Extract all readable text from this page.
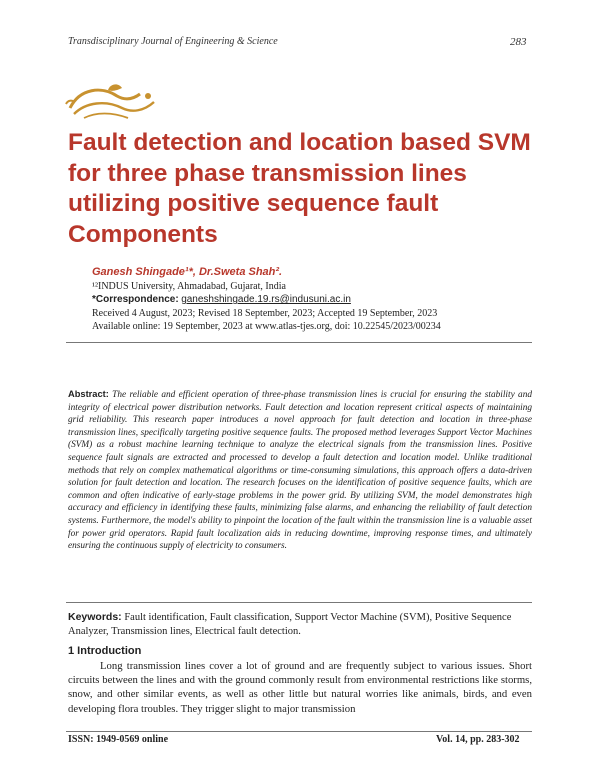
Transdisciplinary Journal of Engineering & Science	283
Fault detection and location based SVM for three phase transmission lines utilizing positive sequence fault Components
Ganesh Shingade¹*, Dr.Sweta Shah².
¹²INDUS University, Ahmadabad, Gujarat, India
*Correspondence: ganeshshingade.19.rs@indusuni.ac.in
Received 4 August, 2023; Revised 18 September, 2023; Accepted 19 September, 2023
Available online: 19 September, 2023 at www.atlas-tjes.org, doi: 10.22545/2023/00234
Abstract: The reliable and efficient operation of three-phase transmission lines is crucial for ensuring the stability and integrity of electrical power distribution networks. Fault detection and location represent critical aspects of maintaining grid reliability. This research paper introduces a novel approach for fault detection and location in three-phase transmission lines, specifically targeting positive sequence faults. The proposed method leverages Support Vector Machines (SVM) as a robust machine learning technique to analyze the electrical signals from the transmission lines. Positive sequence fault signals are extracted and processed to develop a fault detection and location model. Unlike traditional methods that rely on complex mathematical algorithms or time-consuming simulations, this approach offers a data-driven solution for fault detection and location. The research focuses on the identification of positive sequence faults, which are common and often indicative of early-stage problems in the power grid. By utilizing SVM, the model demonstrates high accuracy and efficiency in identifying these faults, minimizing false alarms, and enhancing the reliability of fault detection systems. Furthermore, the model's ability to pinpoint the location of the fault within the transmission line is a valuable asset for power grid operators. Rapid fault localization aids in reducing downtime, improving response times, and ultimately ensuring the continuous supply of electricity to consumers.
Keywords: Fault identification, Fault classification, Support Vector Machine (SVM), Positive Sequence Analyzer, Transmission lines, Electrical fault detection.
1 Introduction
Long transmission lines cover a lot of ground and are frequently subject to various issues. Short circuits between the lines and with the ground commonly result from environmental restrictions like storms, snow, and other similar events, as well as other little but natural worries like animals, birds, and even developing flora troubles. They trigger slight to major transmission
ISSN: 1949-0569 online	Vol. 14, pp. 283-302
